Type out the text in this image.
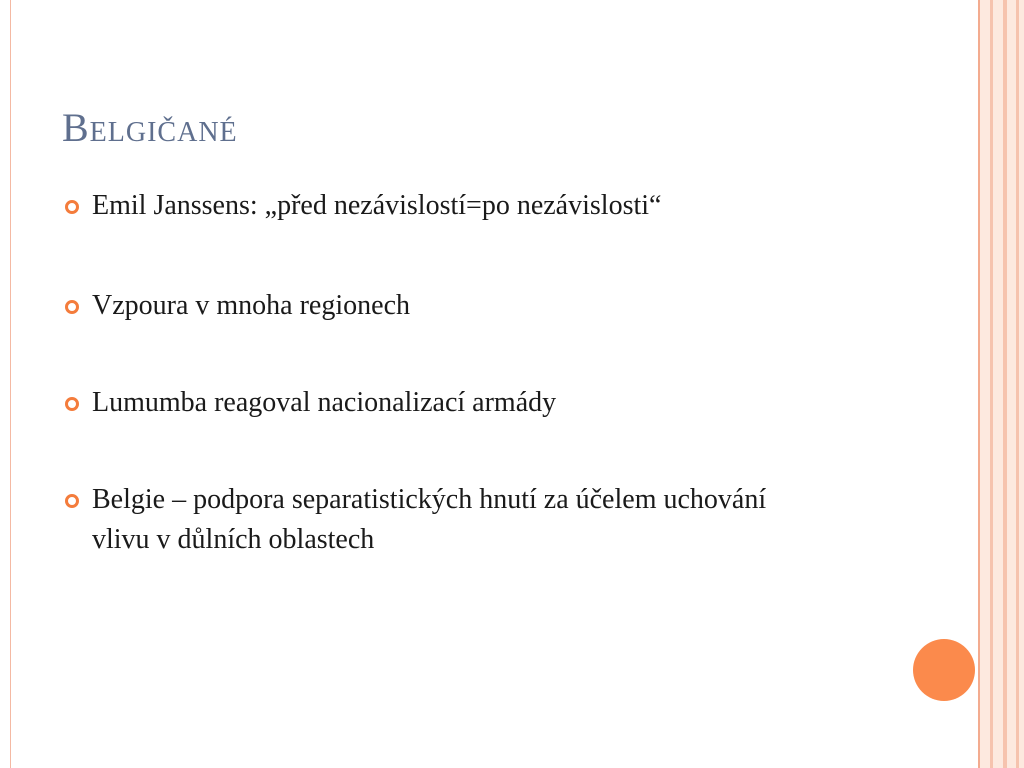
Belgičané
Emil Janssens: „před nezávislostí=po nezávislosti“
Vzpoura v mnoha regionech
Lumumba reagoval nacionalizací armády
Belgie – podpora separatistických hnutí za účelem uchování vlivu v důlních oblastech
